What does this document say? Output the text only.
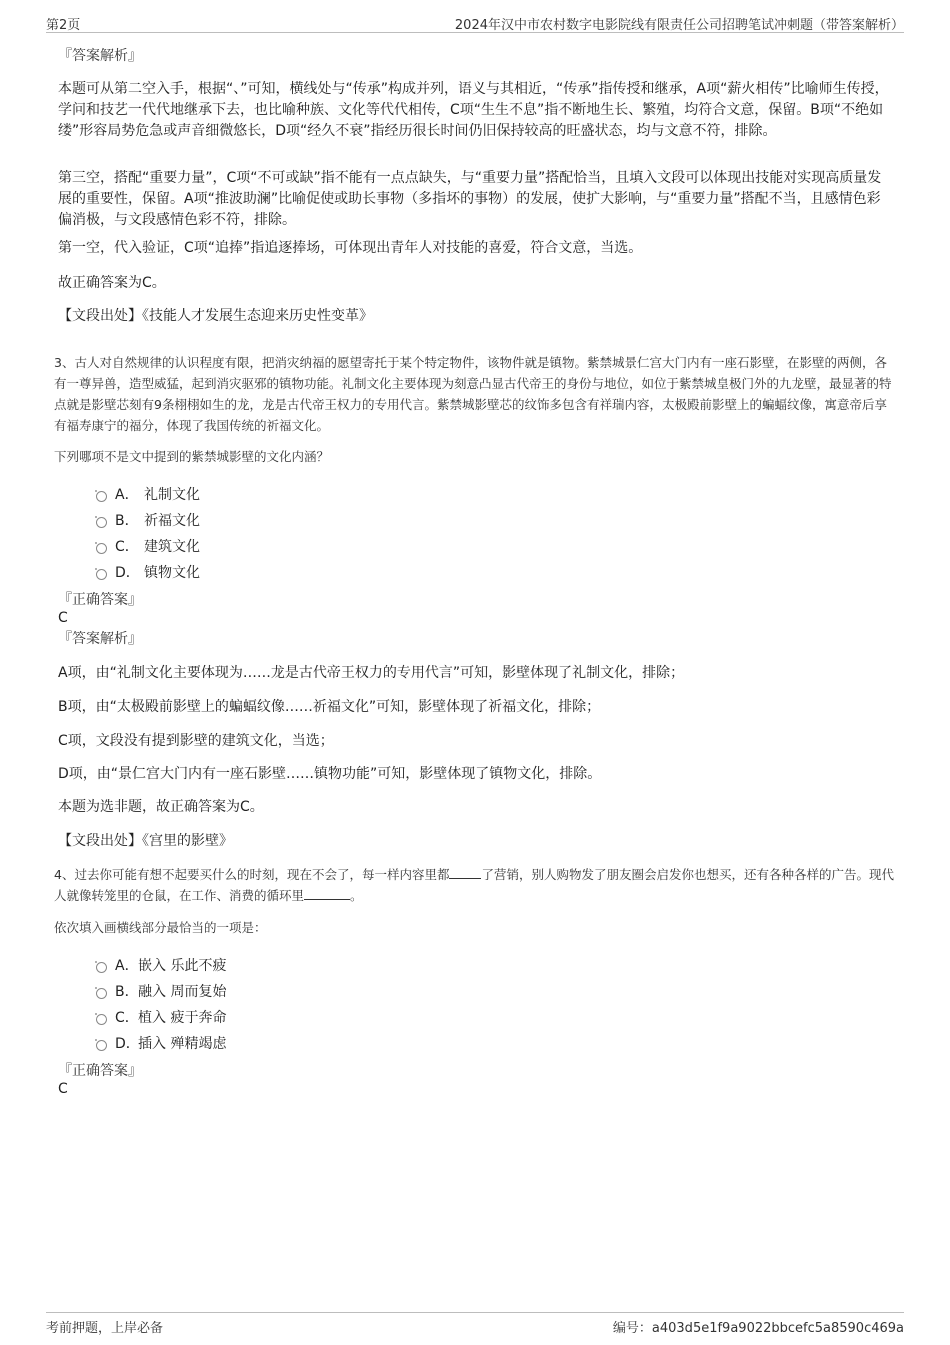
第2页	2024年汉中市农村数字电影院线有限责任公司招聘笔试冲刺题（带答案解析）
『答案解析』

本题可从第二空入手，根据“、”可知，横线处与“传承”构成并列，语义与其相近，“传承”指传授和继承，A项“薪火相传”比喻师生传授，学问和技艺一代代地继承下去，也比喻种族、文化等代代相传，C项“生生不息”指不断地生长、繁殖，均符合文意，保留。B项“不绝如缕”形容局势危急或声音细微悠长，D项“经久不衰”指经历很长时间仍旧保持较高的旺盛状态，均与文意不符，排除。

第三空，搭配“重要力量”，C项“不可或缺”指不能有一点点缺失，与“重要力量”搭配恰当，且填入文段可以体现出技能对实现高质量发展的重要性，保留。A项“推波助澜”比喻促使或助长事物（多指坏的事物）的发展，使扩大影响，与“重要力量”搭配不当，且感情色彩偏消极，与文段感情色彩不符，排除。

第一空，代入验证，C项“追捧”指追逐捧场，可体现出青年人对技能的喜爱，符合文意，当选。

故正确答案为C。

【文段出处】《技能人才发展生态迎来历史性变革》

3、古人对自然规律的认识程度有限，把消灾纳福的愿望寄托于某个特定物件，该物件就是镇物。紫禁城景仁宫大门内有一座石影壁，在影壁的两侧，各有一尊异兽，造型威猛，起到消灾驱邪的镇物功能。礼制文化主要体现为刻意凸显古代帝王的身份与地位，如位于紫禁城皇极门外的九龙壁，最显著的特点就是影壁芯刻有9条栩栩如生的龙，龙是古代帝王权力的专用代言。紫禁城影壁芯的纹饰多包含有祥瑞内容，太极殿前影壁上的蝙蝠纹像，寓意帝后享有福寿康宁的福分，体现了我国传统的祈福文化。

下列哪项不是文中提到的紫禁城影壁的文化内涵？

A． 礼制文化
B． 祈福文化
C． 建筑文化
D． 镇物文化
『正确答案』
C
『答案解析』

A项，由“礼制文化主要体现为……龙是古代帝王权力的专用代言”可知，影壁体现了礼制文化，排除；

B项，由“太极殿前影壁上的蝙蝠纹像……祈福文化”可知，影壁体现了祈福文化，排除；

C项，文段没有提到影壁的建筑文化，当选；

D项，由“景仁宫大门内有一座石影壁……镇物功能”可知，影壁体现了镇物文化，排除。

本题为选非题，故正确答案为C。

【文段出处】《宫里的影壁》

4、过去你可能有想不起要买什么的时刻，现在不会了，每一样内容里都	了营销，别人购物发了朋友圈会启发你也想买，还有各种各样的广告。现代人就像转笼里的仓鼠，在工作、消费的循环里	。

依次填入画横线部分最恰当的一项是：

A． 嵌入 乐此不疲
B． 融入 周而复始
C． 植入 疲于奔命
D．
插入 殚精竭虑
『正确答案』
C
考前押题，上岸必备	编号：a403d5e1f9a9022bbcefc5a8590c469a
